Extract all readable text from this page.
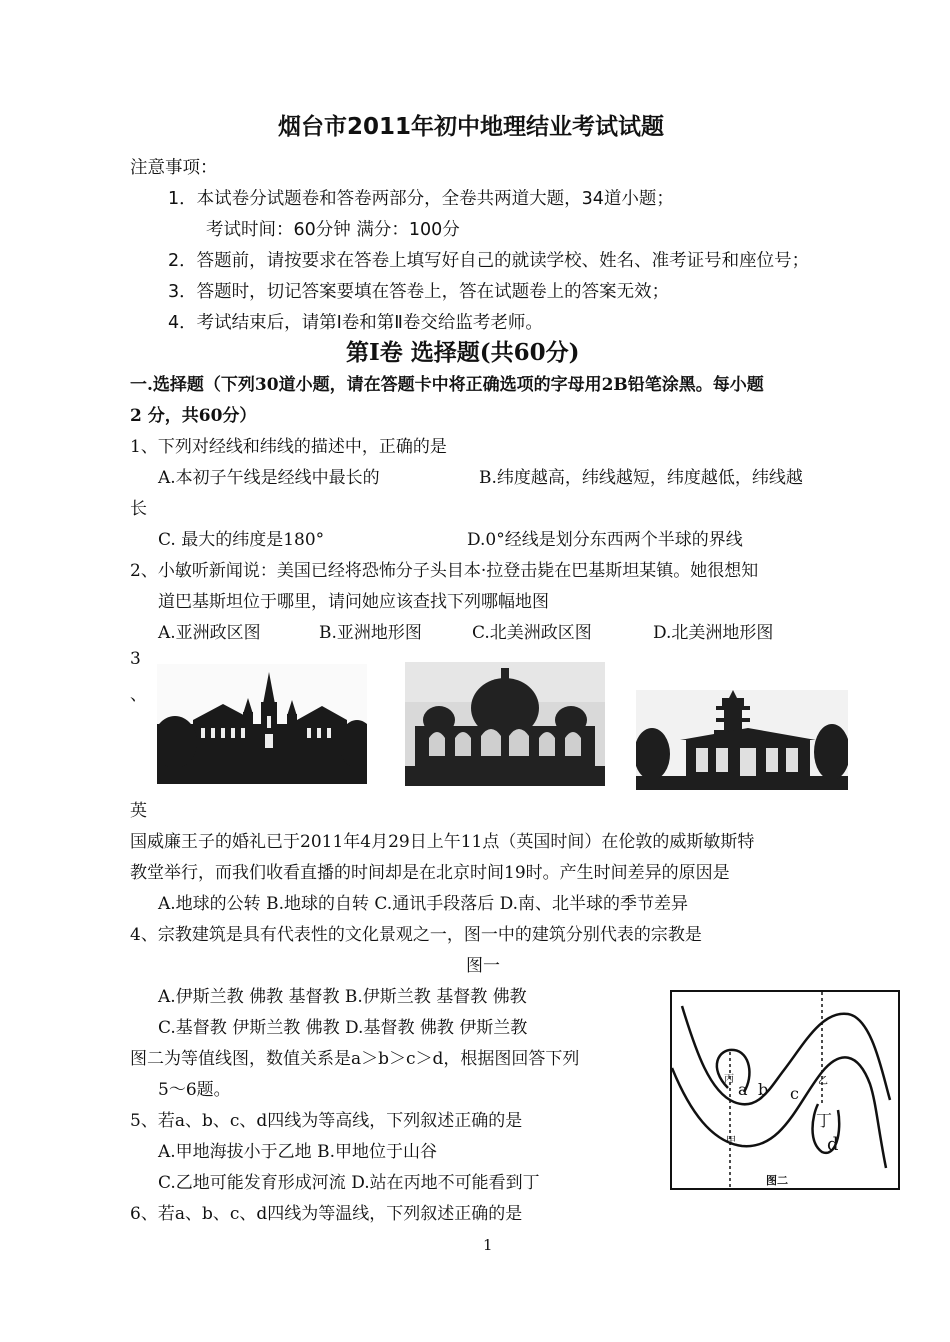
烟台市2011年初中地理结业考试试题
注意事项：
1．本试卷分试题卷和答卷两部分，全卷共两道大题，34道小题；
考试时间：60分钟 满分：100分
2．答题前，请按要求在答卷上填写好自己的就读学校、姓名、准考证号和座位号；
3．答题时，切记答案要填在答卷上，答在试题卷上的答案无效；
4．考试结束后，请第Ⅰ卷和第Ⅱ卷交给监考老师。
第Ⅰ卷 选择题(共60分)
一.选择题（下列30道小题，请在答题卡中将正确选项的字母用2B铅笔涂黑。每小题
2 分，共60分）
1、下列对经线和纬线的描述中，正确的是
A.本初子午线是经线中最长的	B.纬度越高，纬线越短，纬度越低，纬线越
长
C. 最大的纬度是180°	D.0°经线是划分东西两个半球的界线
2、小敏听新闻说：美国已经将恐怖分子头目本·拉登击毙在巴基斯坦某镇。她很想知
道巴基斯坦位于哪里，请问她应该查找下列哪幅地图
A.亚洲政区图	B.亚洲地形图	C.北美洲政区图	D.北美洲地形图
3
、
英
国威廉王子的婚礼已于2011年4月29日上午11点（英国时间）在伦敦的威斯敏斯特
教堂举行，而我们收看直播的时间却是在北京时间19时。产生时间差异的原因是
A.地球的公转 B.地球的自转 C.通讯手段落后 D.南、北半球的季节差异
4、宗教建筑是具有代表性的文化景观之一，图一中的建筑分别代表的宗教是
图一
A.伊斯兰教 佛教 基督教 B.伊斯兰教 基督教 佛教
C.基督教 伊斯兰教 佛教 D.基督教 佛教 伊斯兰教
图二为等值线图，数值关系是a＞b＞c＞d，根据图回答下列
5～6题。
5、若a、b、c、d四线为等高线，下列叙述正确的是
A.甲地海拔小于乙地 B.甲地位于山谷
C.乙地可能发育形成河流 D.站在丙地不可能看到丁
6、若a、b、c、d四线为等温线，下列叙述正确的是
丙
甲
乙
丁
a b c
d
图二
1
